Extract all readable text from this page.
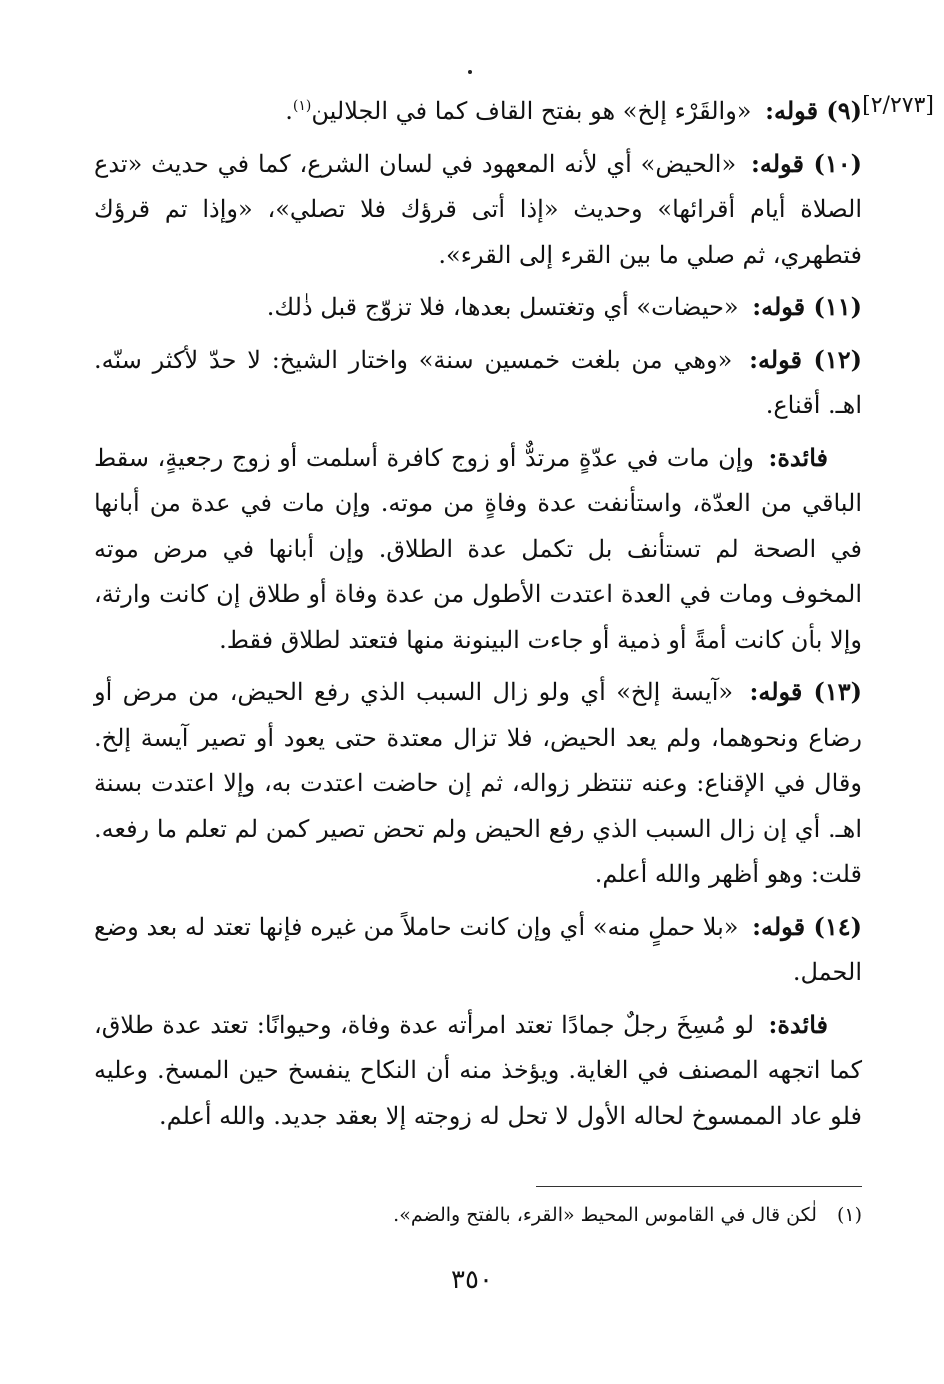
[٢/٢٧٣]

(٩) قوله: «والقَرْء إلخ» هو بفتح القاف كما في الجلالين$^{(١)}$.

(١٠) قوله: «الحيض» أي لأنه المعهود في لسان الشرع، كما في حديث «تدع الصلاة أيام أقرائها» وحديث «إذا أتى قرؤك فلا تصلي»، «وإذا تم قرؤك فتطهري، ثم صلي ما بين القرء إلى القرء».

(١١) قوله: «حيضات» أي وتغتسل بعدها، فلا تزوّج قبل ذٰلك.

(١٢) قوله: «وهي من بلغت خمسين سنة» واختار الشيخ: لا حدّ لأكثر سنّه. اهـ. أقناع.

فائدة: وإن مات في عدّةٍ مرتدٌّ أو زوج كافرة أسلمت أو زوج رجعيةٍ، سقط الباقي من العدّة، واستأنفت عدة وفاةٍ من موته. وإن مات في عدة من أبانها في الصحة لم تستأنف بل تكمل عدة الطلاق. وإن أبانها في مرض موته المخوف ومات في العدة اعتدت الأطول من عدة وفاة أو طلاق إن كانت وارثة، وإلا بأن كانت أمةً أو ذمية أو جاءت البينونة منها فتعتد لطلاق فقط.

(١٣) قوله: «آيسة إلخ» أي ولو زال السبب الذي رفع الحيض، من مرض أو رضاع ونحوهما، ولم يعد الحيض، فلا تزال معتدة حتى يعود أو تصير آيسة إلخ. وقال في الإقناع: وعنه تنتظر زواله، ثم إن حاضت اعتدت به، وإلا اعتدت بسنة اهـ. أي إن زال السبب الذي رفع الحيض ولم تحض تصير كمن لم تعلم ما رفعه. قلت: وهو أظهر والله أعلم.

(١٤) قوله: «بلا حملٍ منه» أي وإن كانت حاملاً من غيره فإنها تعتد له بعد وضع الحمل.

فائدة: لو مُسِخَ رجلٌ جمادًا تعتد امرأته عدة وفاة، وحيوانًا: تعتد عدة طلاق، كما اتجهه المصنف في الغاية. ويؤخذ منه أن النكاح ينفسخ حين المسخ. وعليه فلو عاد الممسوخ لحاله الأول لا تحل له زوجته إلا بعقد جديد. والله أعلم.

(١) لٰكن قال في القاموس المحيط «القرء، بالفتح والضم».
٣٥٠
